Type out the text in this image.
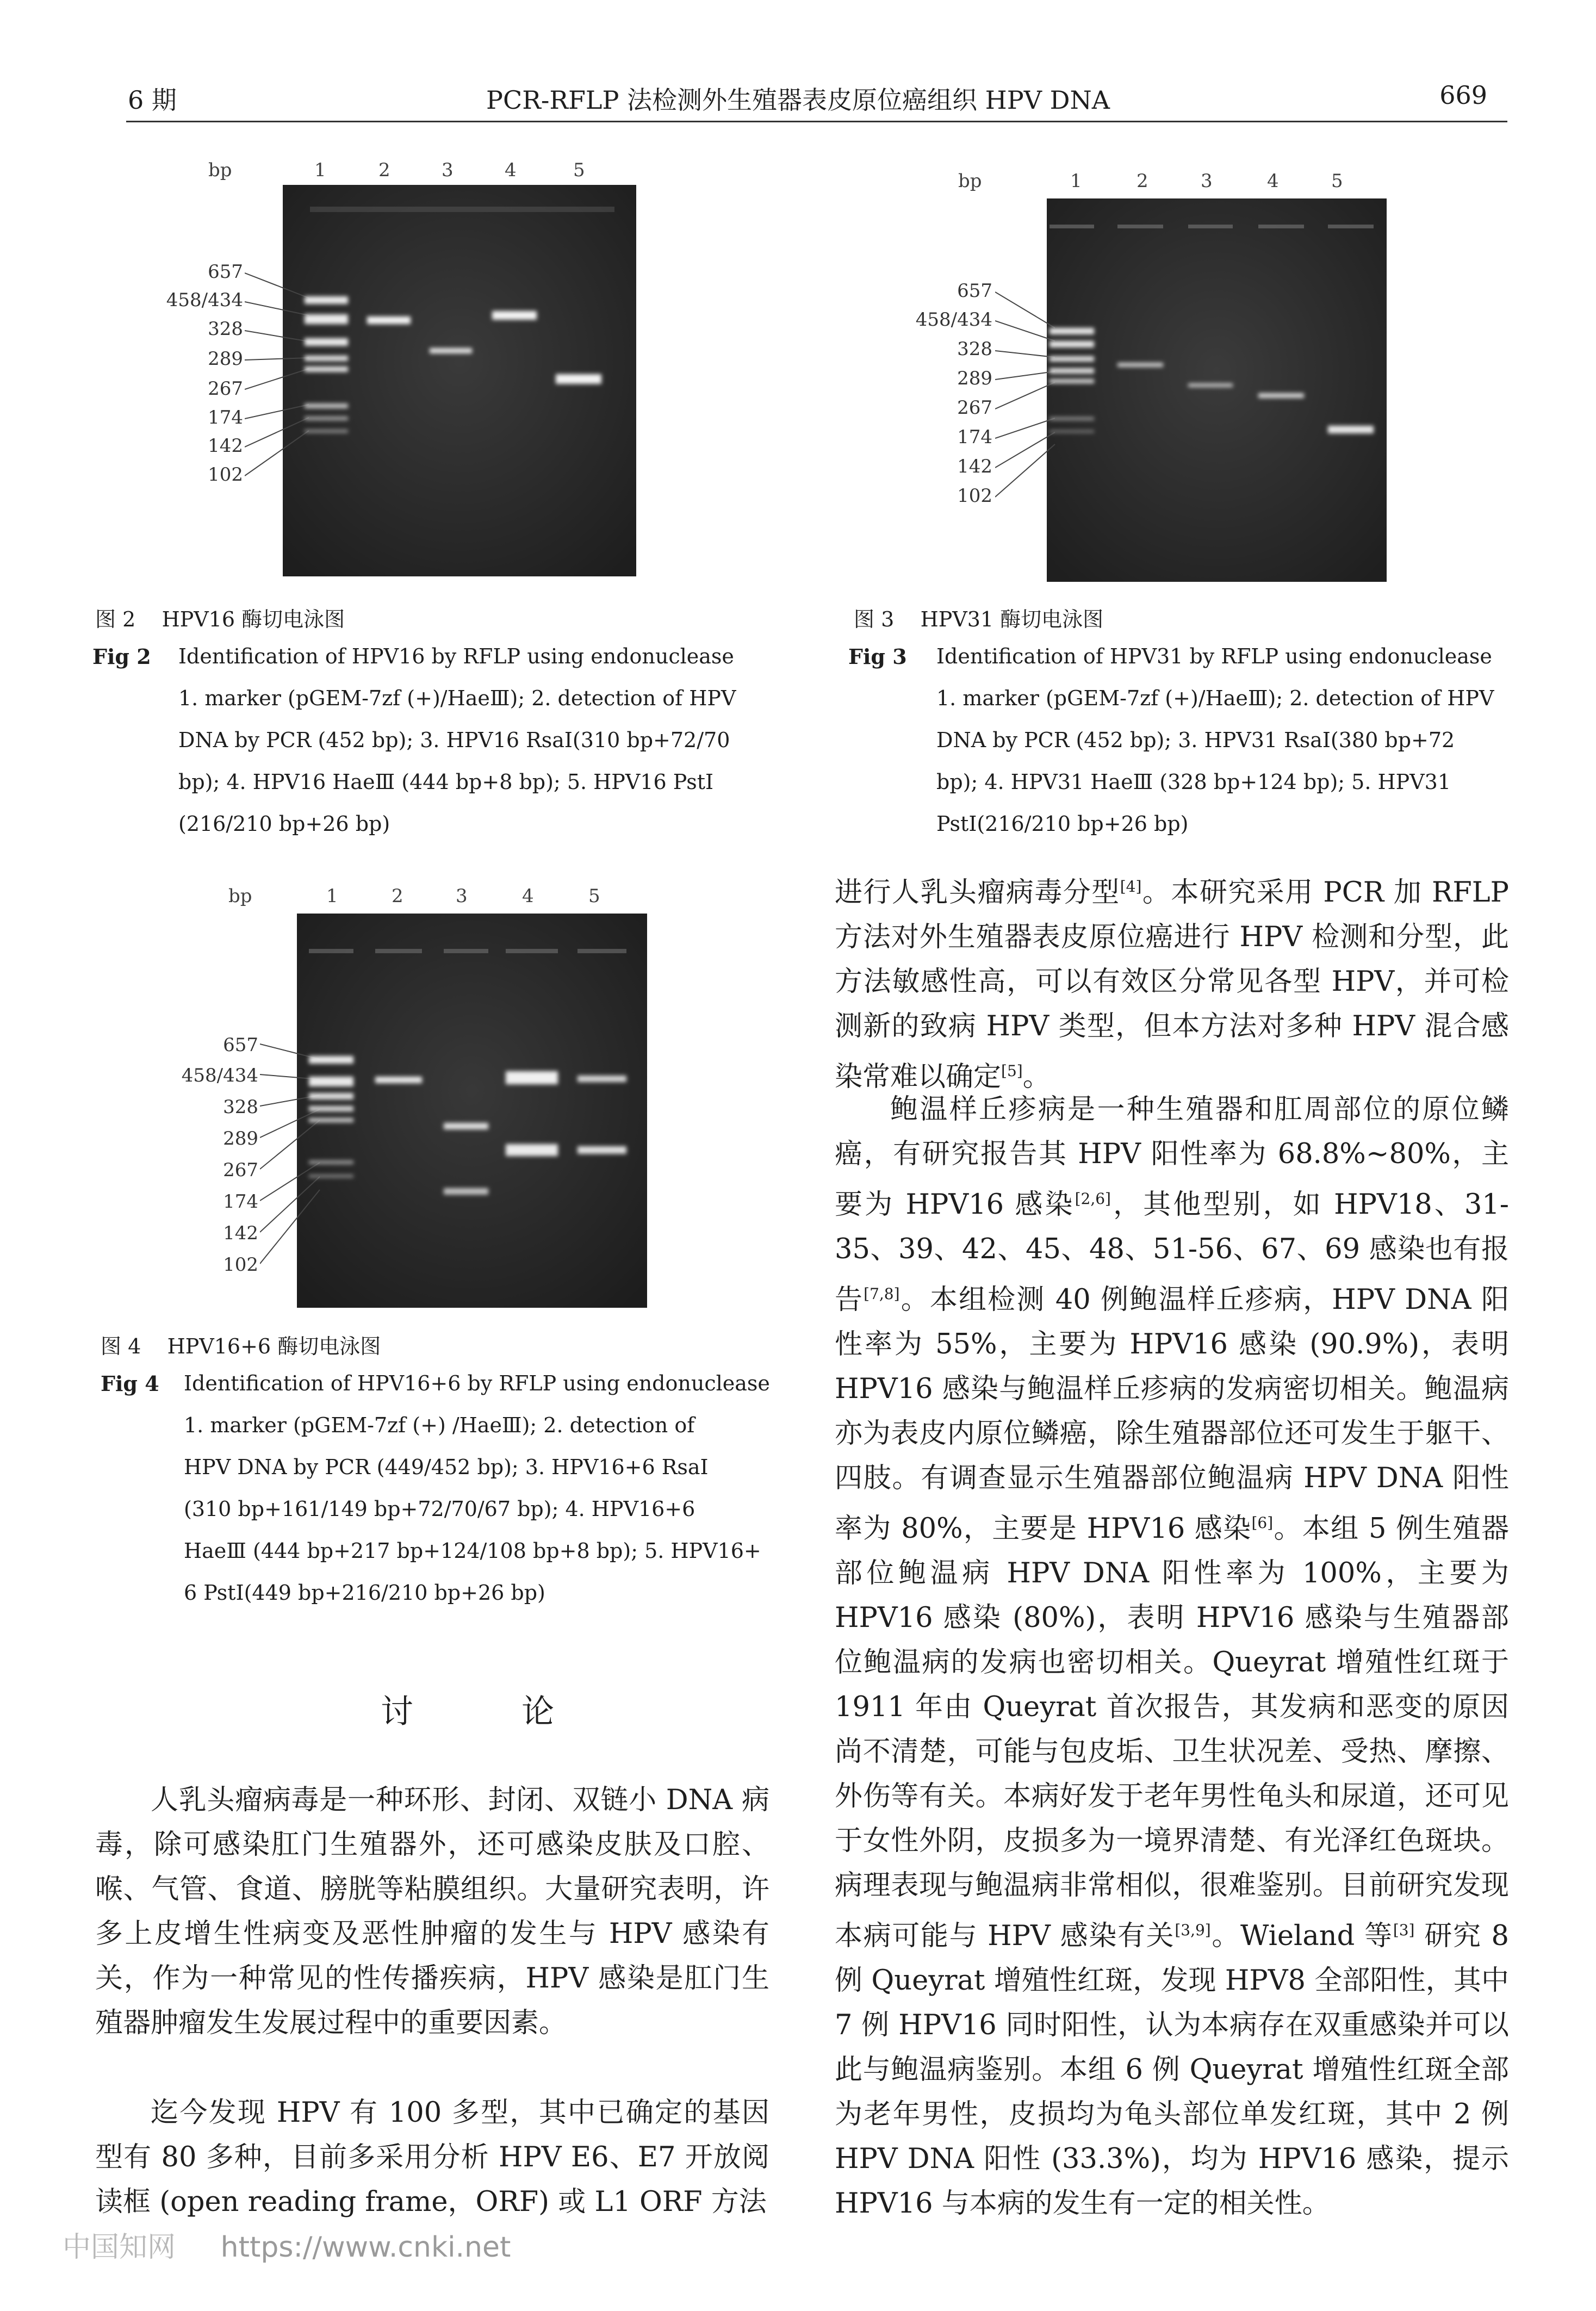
6 期	PCR-RFLP 法检测外生殖器表皮原位癌组织 HPV DNA	669
bp	1	2	3	4	5
657
458/434
328
289
267
174
142
102
图 2 HPV16 酶切电泳图
Fig 2 Identification of HPV16 by RFLP using endonuclease
1. marker (pGEM-7zf (+)/HaeⅢ); 2. detection of HPV
DNA by PCR (452 bp); 3. HPV16 RsaⅠ(310 bp+72/70
bp); 4. HPV16 HaeⅢ (444 bp+8 bp); 5. HPV16 PstⅠ
(216/210 bp+26 bp)
bp	1	2	3	4	5
657
458/434
328
289
267
174
142
102
图 3 HPV31 酶切电泳图
Fig 3 Identification of HPV31 by RFLP using endonuclease
1. marker (pGEM-7zf (+)/HaeⅢ); 2. detection of HPV
DNA by PCR (452 bp); 3. HPV31 RsaⅠ(380 bp+72
bp); 4. HPV31 HaeⅢ (328 bp+124 bp); 5. HPV31
PstⅠ(216/210 bp+26 bp)
bp	1	2	3	4	5
657
458/434
328
289
267
174
142
102
图 4 HPV16+6 酶切电泳图
Fig 4 Identification of HPV16+6 by RFLP using endonuclease
1. marker (pGEM-7zf (+) /HaeⅢ); 2. detection of
HPV DNA by PCR (449/452 bp); 3. HPV16+6 RsaⅠ
(310 bp+161/149 bp+72/70/67 bp); 4. HPV16+6
HaeⅢ (444 bp+217 bp+124/108 bp+8 bp); 5. HPV16+
6 PstⅠ(449 bp+216/210 bp+26 bp)
讨 论
人乳头瘤病毒是一种环形、封闭、双链小 DNA 病毒，除可感染肛门生殖器外，还可感染皮肤及口腔、喉、气管、食道、膀胱等粘膜组织。大量研究表明，许多上皮增生性病变及恶性肿瘤的发生与 HPV 感染有关，作为一种常见的性传播疾病，HPV 感染是肛门生殖器肿瘤发生发展过程中的重要因素。
迄今发现 HPV 有 100 多型，其中已确定的基因型有 80 多种，目前多采用分析 HPV E6、E7 开放阅读框 (open reading frame，ORF) 或 L1 ORF 方法
进行人乳头瘤病毒分型[4]。本研究采用 PCR 加 RFLP 方法对外生殖器表皮原位癌进行 HPV 检测和分型，此方法敏感性高，可以有效区分常见各型 HPV，并可检测新的致病 HPV 类型，但本方法对多种 HPV 混合感染常难以确定[5]。
鲍温样丘疹病是一种生殖器和肛周部位的原位鳞癌，有研究报告其 HPV 阳性率为 68.8%~80%，主要为 HPV16 感染[2,6]，其他型别，如 HPV18、31-35、39、42、45、48、51-56、67、69 感染也有报告[7,8]。本组检测 40 例鲍温样丘疹病，HPV DNA 阳性率为 55%，主要为 HPV16 感染 (90.9%)，表明 HPV16 感染与鲍温样丘疹病的发病密切相关。鲍温病亦为表皮内原位鳞癌，除生殖器部位还可发生于躯干、四肢。有调查显示生殖器部位鲍温病 HPV DNA 阳性率为 80%，主要是 HPV16 感染[6]。本组 5 例生殖器部位鲍温病 HPV DNA 阳性率为 100%，主要为HPV16 感染 (80%)，表明 HPV16 感染与生殖器部位鲍温病的发病也密切相关。Queyrat 增殖性红斑于 1911 年由 Queyrat 首次报告，其发病和恶变的原因尚不清楚，可能与包皮垢、卫生状况差、受热、摩擦、外伤等有关。本病好发于老年男性龟头和尿道，还可见于女性外阴，皮损多为一境界清楚、有光泽红色斑块。病理表现与鲍温病非常相似，很难鉴别。目前研究发现本病可能与 HPV 感染有关[3,9]。Wieland 等[3] 研究 8 例 Queyrat 增殖性红斑，发现 HPV8 全部阳性，其中 7 例 HPV16 同时阳性，认为本病存在双重感染并可以此与鲍温病鉴别。本组 6 例 Queyrat 增殖性红斑全部为老年男性，皮损均为龟头部位单发红斑，其中 2 例 HPV DNA 阳性 (33.3%)，均为 HPV16 感染，提示 HPV16 与本病的发生有一定的相关性。
中国知网 https://www.cnki.net
